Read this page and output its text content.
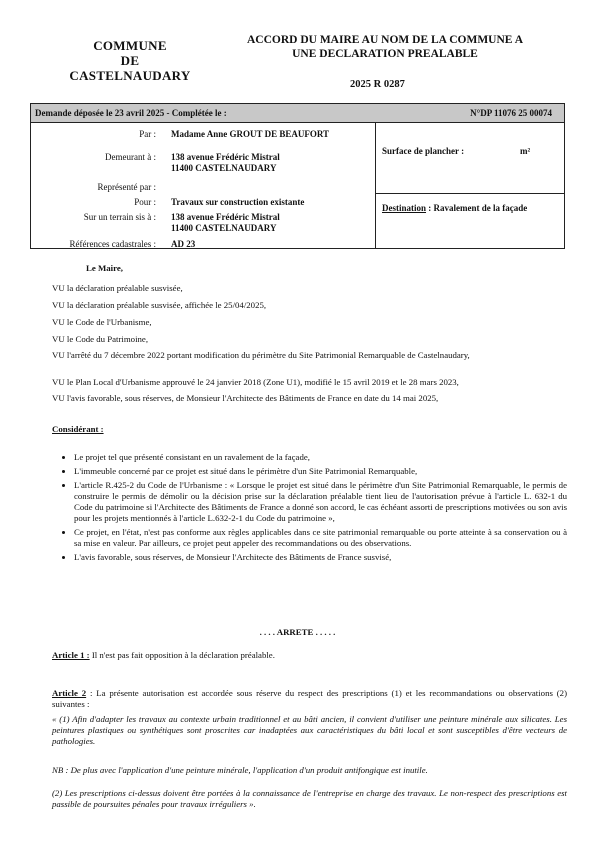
COMMUNE
DE
CASTELNAUDARY
ACCORD DU MAIRE AU NOM DE LA COMMUNE A
UNE DECLARATION PREALABLE
2025 R 0287
Demande déposée le 23 avril 2025 - Complétée le :	N°DP 11076 25 00074
Par : Madame Anne GROUT DE BEAUFORT
Demeurant à : 138 avenue Frédéric Mistral
11400 CASTELNAUDARY
Représenté par :
Pour : Travaux sur construction existante
Sur un terrain sis à : 138 avenue Frédéric Mistral
11400 CASTELNAUDARY
Références cadastrales : AD 23
Surface de plancher :	m²
Destination : Ravalement de la façade
Le Maire,
VU la déclaration préalable susvisée,
VU la déclaration préalable susvisée, affichée le 25/04/2025,
VU le Code de l'Urbanisme,
VU le Code du Patrimoine,
VU l'arrêté du 7 décembre 2022 portant modification du périmètre du Site Patrimonial Remarquable de Castelnaudary,
VU le Plan Local d'Urbanisme approuvé le 24 janvier 2018 (Zone U1), modifié le 15 avril 2019 et le 28 mars 2023,
VU l'avis favorable, sous réserves, de Monsieur l'Architecte des Bâtiments de France en date du 14 mai 2025,
Considérant :
• Le projet tel que présenté consistant en un ravalement de la façade,
• L'immeuble concerné par ce projet est situé dans le périmètre d'un Site Patrimonial Remarquable,
• L'article R.425-2 du Code de l'Urbanisme : « Lorsque le projet est situé dans le périmètre d'un Site Patrimonial Remarquable, le permis de construire le permis de démolir ou la décision prise sur la déclaration préalable tient lieu de l'autorisation prévue à l'article L. 632-1 du Code du patrimoine si l'Architecte des Bâtiments de France a donné son accord, le cas échéant assorti de prescriptions motivées ou son avis pour les projets mentionnés à l'article L.632-2-1 du Code du patrimoine »,
• Ce projet, en l'état, n'est pas conforme aux règles applicables dans ce site patrimonial remarquable ou porte atteinte à sa conservation ou à sa mise en valeur. Par ailleurs, ce projet peut appeler des recommandations ou des observations.
• L'avis favorable, sous réserves, de Monsieur l'Architecte des Bâtiments de France susvisé,
. . . . ARRETE . . . . .
Article 1 : Il n'est pas fait opposition à la déclaration préalable.
Article 2 : La présente autorisation est accordée sous réserve du respect des prescriptions (1) et les recommandations ou observations (2) suivantes :
« (1) Afin d'adapter les travaux au contexte urbain traditionnel et au bâti ancien, il convient d'utiliser une peinture minérale aux silicates. Les peintures plastiques ou synthétiques sont proscrites car inadaptées aux caractéristiques du bâti local et sont susceptibles d'être vecteurs de pathologies.
NB : De plus avec l'application d'une peinture minérale, l'application d'un produit antifongique est inutile.
(2) Les prescriptions ci-dessus doivent être portées à la connaissance de l'entreprise en charge des travaux. Le non-respect des prescriptions est passible de poursuites pénales pour travaux irréguliers ».
